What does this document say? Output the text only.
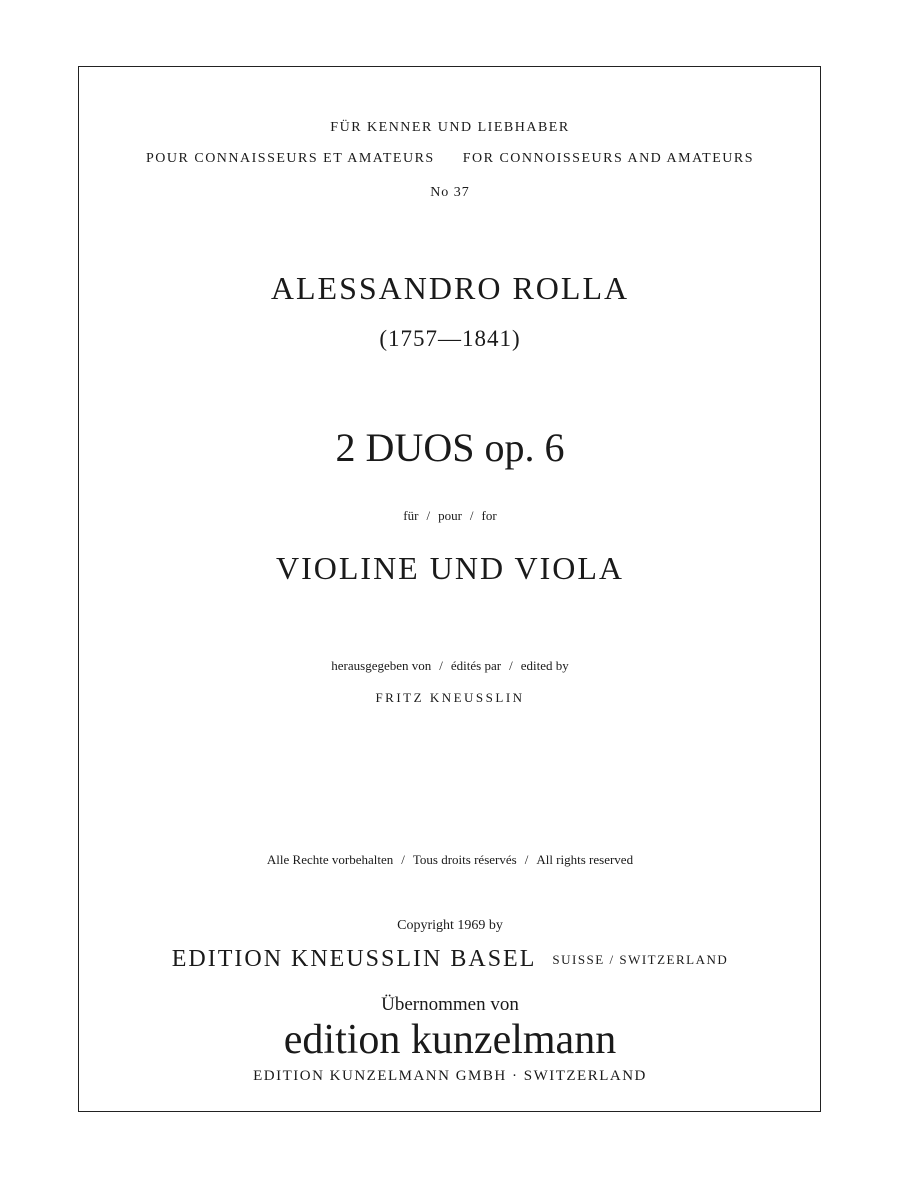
FÜR KENNER UND LIEBHABER
POUR CONNAISSEURS ET AMATEURS FOR CONNOISSEURS AND AMATEURS
No 37
ALESSANDRO ROLLA
(1757—1841)
2 DUOS op. 6
für / pour / for
VIOLINE UND VIOLA
herausgegeben von / édités par / edited by
FRITZ KNEUSSLIN
Alle Rechte vorbehalten / Tous droits réservés / All rights reserved
Copyright 1969 by
EDITION KNEUSSLIN BASEL SUISSE / SWITZERLAND
Übernommen von
edition kunzelmann
EDITION KUNZELMANN GMBH · SWITZERLAND
